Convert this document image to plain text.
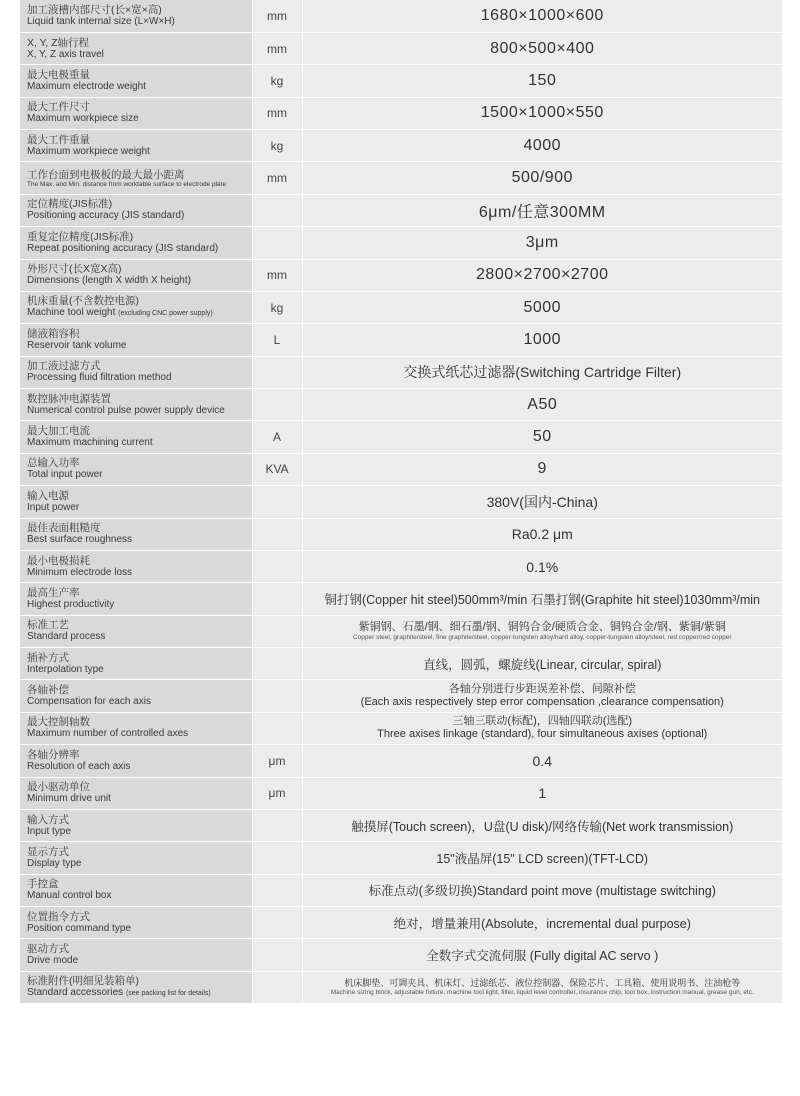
加工液槽内部尺寸(长×宽×高)
Liquid tank internal size (L×W×H)	mm	1680×1000×600

X, Y, Z轴行程
X, Y, Z axis travel	mm	800×500×400

最大电极重量
Maximum electrode weight	kg	150

最大工件尺寸
Maximum workpiece size	mm	1500×1000×550

最大工件重量
Maximum workpiece weight	kg	4000

工作台面到电极板的最大最小距离
The Max. and Min. distance from worktable surface to electrode plate	mm	500/900

定位精度(JIS标准)
Positioning accuracy (JIS standard)		6μm/任意300MM

重复定位精度(JIS标准)
Repeat positioning accuracy (JIS standard)		3μm

外形尺寸(长X宽X高)
Dimensions (length X width X height)	mm	2800×2700×2700

机床重量(不含数控电源)
Machine tool weight (excluding CNC power supply)	kg	5000

储液箱容积
Reservoir tank volume	L	1000

加工液过滤方式
Processing fluid filtration method		交换式纸芯过滤器(Switching Cartridge Filter)

数控脉冲电源装置
Numerical control pulse power supply device		A50

最大加工电流
Maximum machining current	A	50

总输入功率
Total input power	KVA	9

输入电源
Input power		380V(国内-China)

最佳表面粗糙度
Best surface roughness		Ra0.2 μm

最小电极损耗
Minimum electrode loss		0.1%

最高生产率
Highest productivity		铜打钢(Copper hit steel)500mm³/min 石墨打钢(Graphite hit steel)1030mm³/min

标准工艺
Standard process		紫铜钢、石墨/钢、细石墨/钢、铜钨合金/硬质合金、铜钨合金/钢、紫铜/紫铜
Copper steel, graphite/steel, fine graphite/steel, copper-tungsten alloy/hard alloy, copper-tungsten alloy/steel, red copper/red copper

插补方式
Interpolation type		直线，圆弧，螺旋线(Linear, circular, spiral)

各轴补偿
Compensation for each axis		各轴分别进行步距误差补偿、间隙补偿
(Each axis respectively step error compensation ,clearance compensation)

最大控制轴数
Maximum number of controlled axes		三轴三联动(标配)，四轴四联动(选配)
Three axises linkage (standard), four simultaneous axises (optional)

各轴分辨率
Resolution of each axis	μm	0.4

最小驱动单位
Minimum drive unit	μm	1

输入方式
Input type		触摸屏(Touch screen)，U盘(U disk)/网络传输(Net work transmission)

显示方式
Display type		15"液晶屏(15" LCD screen)(TFT-LCD)

手控盒
Manual control box		标准点动(多级切换)Standard point move (multistage switching)

位置指令方式
Position command type		绝对，增量兼用(Absolute，incremental dual purpose)

驱动方式
Drive mode		全数字式交流伺服 (Fully digital AC servo )

标准附件(明细见装箱单)
Standard accessories (see packing list for details)		机床脚垫、可调夹具、机床灯、过滤纸芯、液位控制器、保险芯片、工具箱、使用说明书、注油枪等
Machine sizing block, adjustable fixture, machine tool light, filter, liquid level controller, insurance chip, tool box, instruction manual, grease gun, etc.
